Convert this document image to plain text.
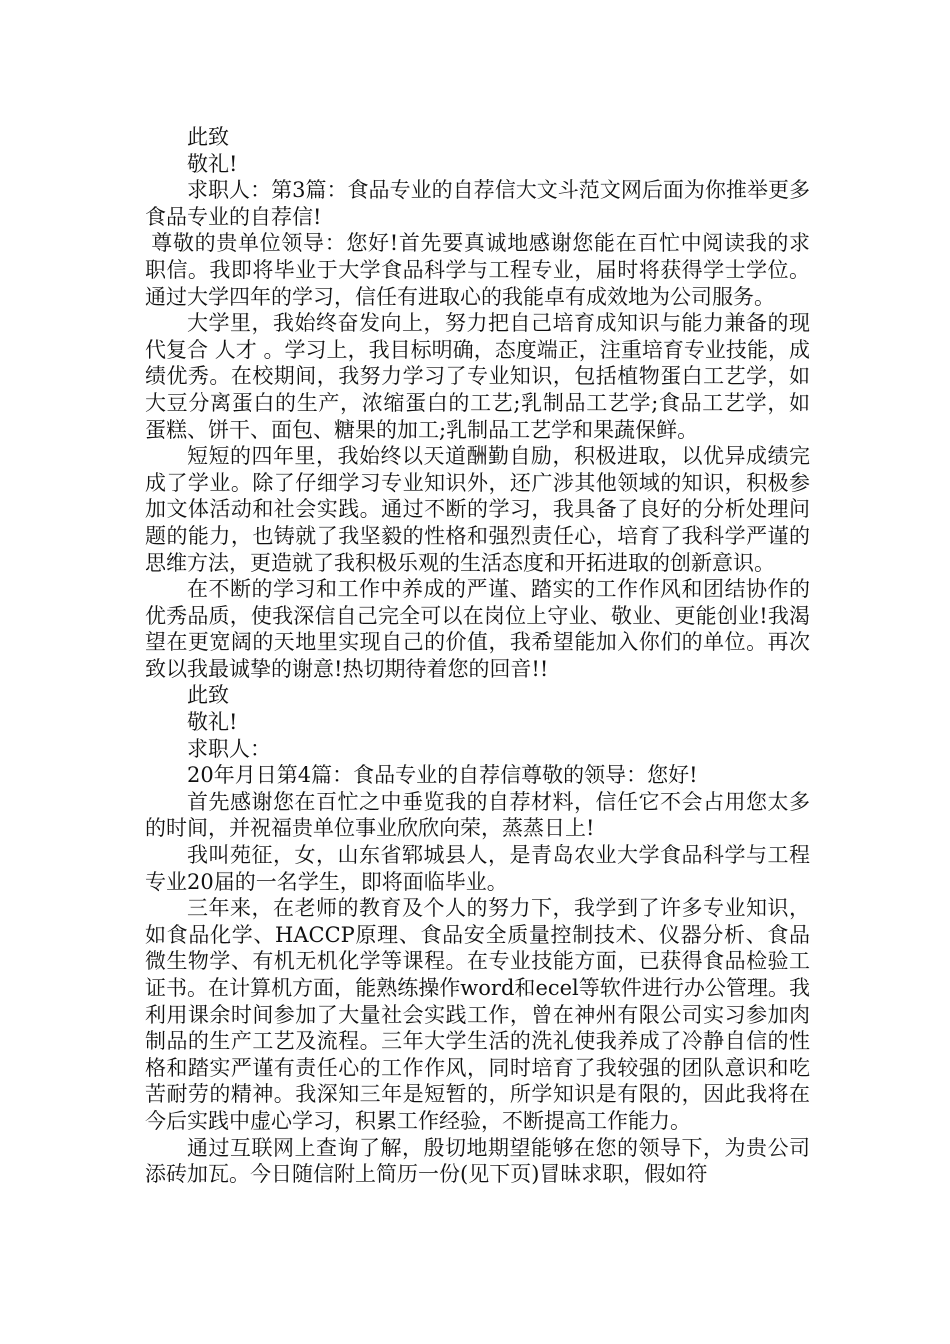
此致

敬礼!

求职人：第3篇：食品专业的自荐信大文斗范文网后面为你推举更多食品专业的自荐信!

尊敬的贵单位领导：您好!首先要真诚地感谢您能在百忙中阅读我的求职信。我即将毕业于大学食品科学与工程专业，届时将获得学士学位。通过大学四年的学习，信任有进取心的我能卓有成效地为公司服务。

大学里，我始终奋发向上，努力把自己培育成知识与能力兼备的现代复合 人才 。学习上，我目标明确，态度端正，注重培育专业技能，成绩优秀。在校期间，我努力学习了专业知识，包括植物蛋白工艺学，如大豆分离蛋白的生产，浓缩蛋白的工艺;乳制品工艺学;食品工艺学，如蛋糕、饼干、面包、糖果的加工;乳制品工艺学和果蔬保鲜。

短短的四年里，我始终以天道酬勤自励，积极进取，以优异成绩完成了学业。除了仔细学习专业知识外，还广涉其他领域的知识，积极参加文体活动和社会实践。通过不断的学习，我具备了良好的分析处理问题的能力，也铸就了我坚毅的性格和强烈责任心，培育了我科学严谨的思维方法，更造就了我积极乐观的生活态度和开拓进取的创新意识。

在不断的学习和工作中养成的严谨、踏实的工作作风和团结协作的优秀品质，使我深信自己完全可以在岗位上守业、敬业、更能创业!我渴望在更宽阔的天地里实现自己的价值，我希望能加入你们的单位。再次致以我最诚挚的谢意!热切期待着您的回音!!

此致

敬礼!

求职人：

20年月日第4篇：食品专业的自荐信尊敬的领导：您好!

首先感谢您在百忙之中垂览我的自荐材料，信任它不会占用您太多的时间，并祝福贵单位事业欣欣向荣，蒸蒸日上!

我叫苑征，女，山东省郓城县人，是青岛农业大学食品科学与工程专业20届的一名学生，即将面临毕业。

三年来，在老师的教育及个人的努力下，我学到了许多专业知识，如食品化学、HACCP原理、食品安全质量控制技术、仪器分析、食品微生物学、有机无机化学等课程。在专业技能方面，已获得食品检验工证书。在计算机方面，能熟练操作word和ecel等软件进行办公管理。我利用课余时间参加了大量社会实践工作，曾在神州有限公司实习参加肉制品的生产工艺及流程。三年大学生活的洗礼使我养成了冷静自信的性格和踏实严谨有责任心的工作作风，同时培育了我较强的团队意识和吃苦耐劳的精神。我深知三年是短暂的，所学知识是有限的，因此我将在今后实践中虚心学习，积累工作经验，不断提高工作能力。

通过互联网上查询了解，殷切地期望能够在您的领导下，为贵公司添砖加瓦。今日随信附上简历一份(见下页)冒昧求职，假如符
